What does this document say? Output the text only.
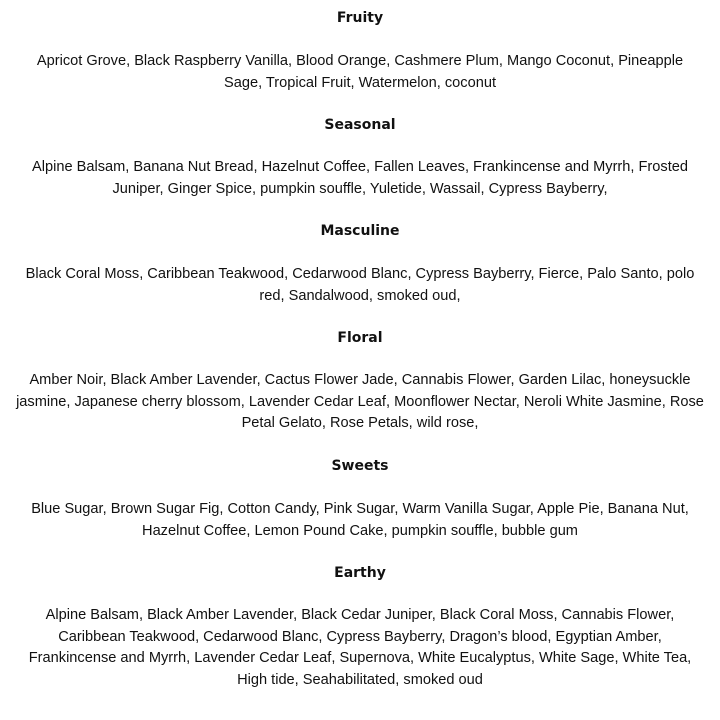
Fruity

Apricot Grove, Black Raspberry Vanilla, Blood Orange, Cashmere Plum, Mango Coconut, Pineapple Sage, Tropical Fruit, Watermelon, coconut

Seasonal

Alpine Balsam, Banana Nut Bread, Hazelnut Coffee, Fallen Leaves, Frankincense and Myrrh, Frosted Juniper, Ginger Spice, pumpkin souffle, Yuletide, Wassail, Cypress Bayberry,

Masculine

Black Coral Moss, Caribbean Teakwood, Cedarwood Blanc, Cypress Bayberry, Fierce, Palo Santo, polo red, Sandalwood, smoked oud,

Floral

Amber Noir, Black Amber Lavender, Cactus Flower Jade, Cannabis Flower, Garden Lilac, honeysuckle jasmine, Japanese cherry blossom, Lavender Cedar Leaf, Moonflower Nectar, Neroli White Jasmine, Rose Petal Gelato, Rose Petals, wild rose,

Sweets

Blue Sugar, Brown Sugar Fig, Cotton Candy, Pink Sugar, Warm Vanilla Sugar, Apple Pie, Banana Nut, Hazelnut Coffee, Lemon Pound Cake, pumpkin souffle, bubble gum

Earthy

Alpine Balsam, Black Amber Lavender, Black Cedar Juniper, Black Coral Moss, Cannabis Flower, Caribbean Teakwood, Cedarwood Blanc, Cypress Bayberry, Dragon’s blood, Egyptian Amber, Frankincense and Myrrh, Lavender Cedar Leaf, Supernova, White Eucalyptus, White Sage, White Tea, High tide, Seahabilitated, smoked oud
